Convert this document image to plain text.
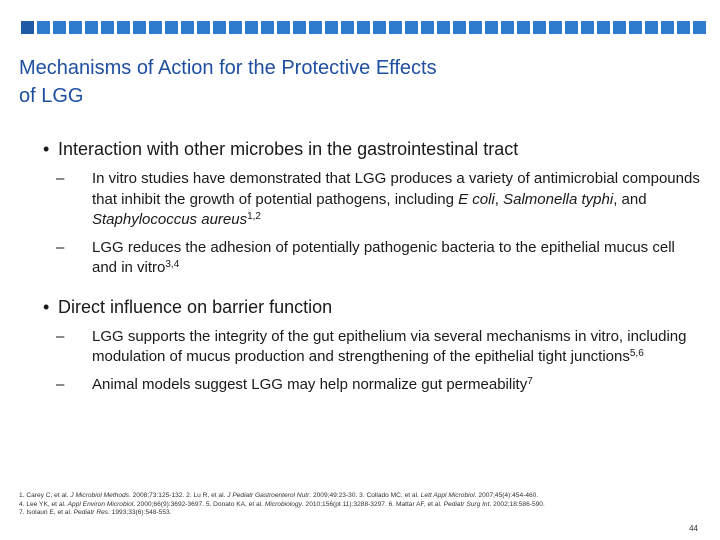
Mechanisms of Action for the Protective Effects
of LGG
• Interaction with other microbes in the gastrointestinal tract
– In vitro studies have demonstrated that LGG produces a variety of antimicrobial compounds that inhibit the growth of potential pathogens, including E coli, Salmonella typhi, and Staphylococcus aureus$^{1,2}$
– LGG reduces the adhesion of potentially pathogenic bacteria to the epithelial mucus cell and in vitro$^{3,4}$
• Direct influence on barrier function
– LGG supports the integrity of the gut epithelium via several mechanisms in vitro, including modulation of mucus production and strengthening of the epithelial tight junctions$^{5,6}$
– Animal models suggest LGG may help normalize gut permeability$^7$
1. Carey C, et al. J Microbiol Methods. 2008;73:125-132. 2. Lu R, et al. J Pediatr Gastroenterol Nutr. 2009;49:23-30. 3. Collado MC, et al. Lett Appl Microbiol. 2007;45(4):454-460.
4. Lee YK, et al. Appl Environ Microbiol. 2000;66(9):3692-3697. 5. Donato KA, et al. Microbiology. 2010;156(pt 11):3288-3297. 6. Mattar AF, et al. Pediatr Surg Int. 2002;18:586-590.
7. Isolauri E, et al. Pediatr Res. 1993;33(6):548-553.
44
